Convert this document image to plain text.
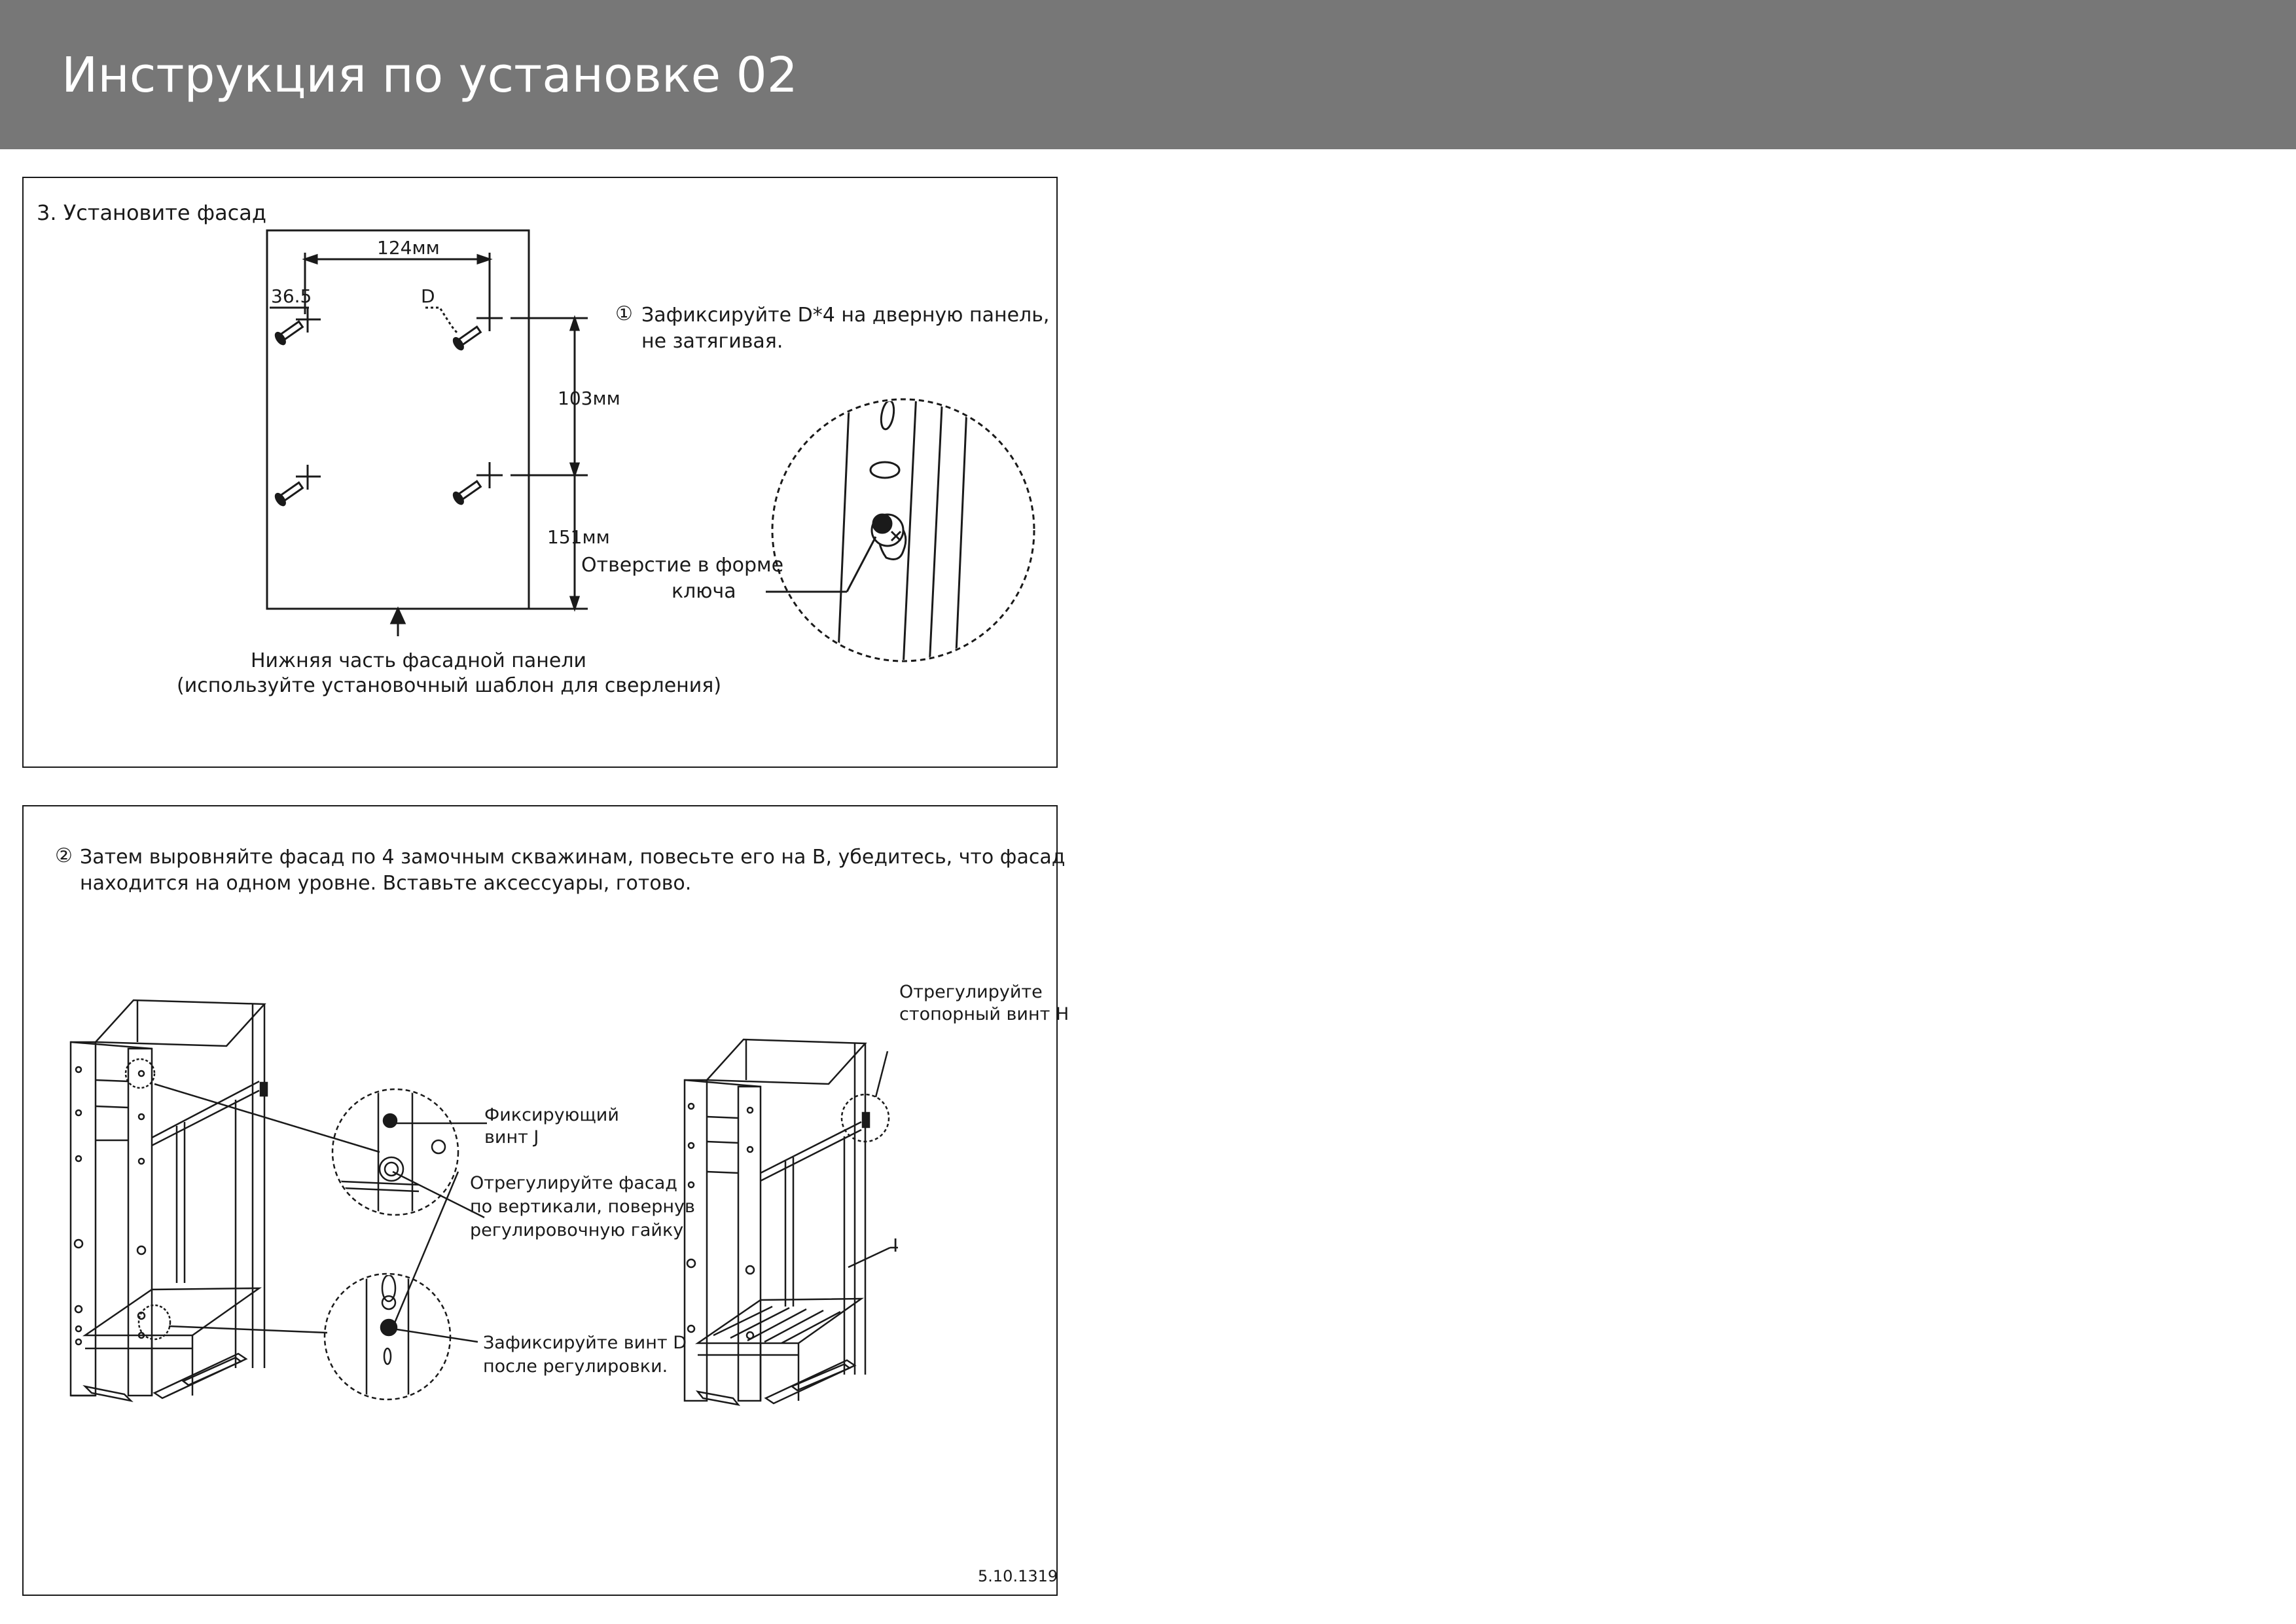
Инструкция по установке 02
3. Установите фасад
124мм
36.5	D
103мм
151мм
Нижняя часть фасадной панели
(используйте установочный шаблон для сверления)
① Зафиксируйте D*4 на дверную панель,
не затягивая.
Отверстие в форме
ключа
② Затем выровняйте фасад по 4 замочным скважинам, повесьте его на B, убедитесь, что фасад
находится на одном уровне. Вставьте аксессуары, готово.
Фиксирующий
винт J
Отрегулируйте фасад
по вертикали, повернув
регулировочную гайку
Зафиксируйте винт D
после регулировки.
Отрегулируйте
стопорный винт H
I
5.10.1319
